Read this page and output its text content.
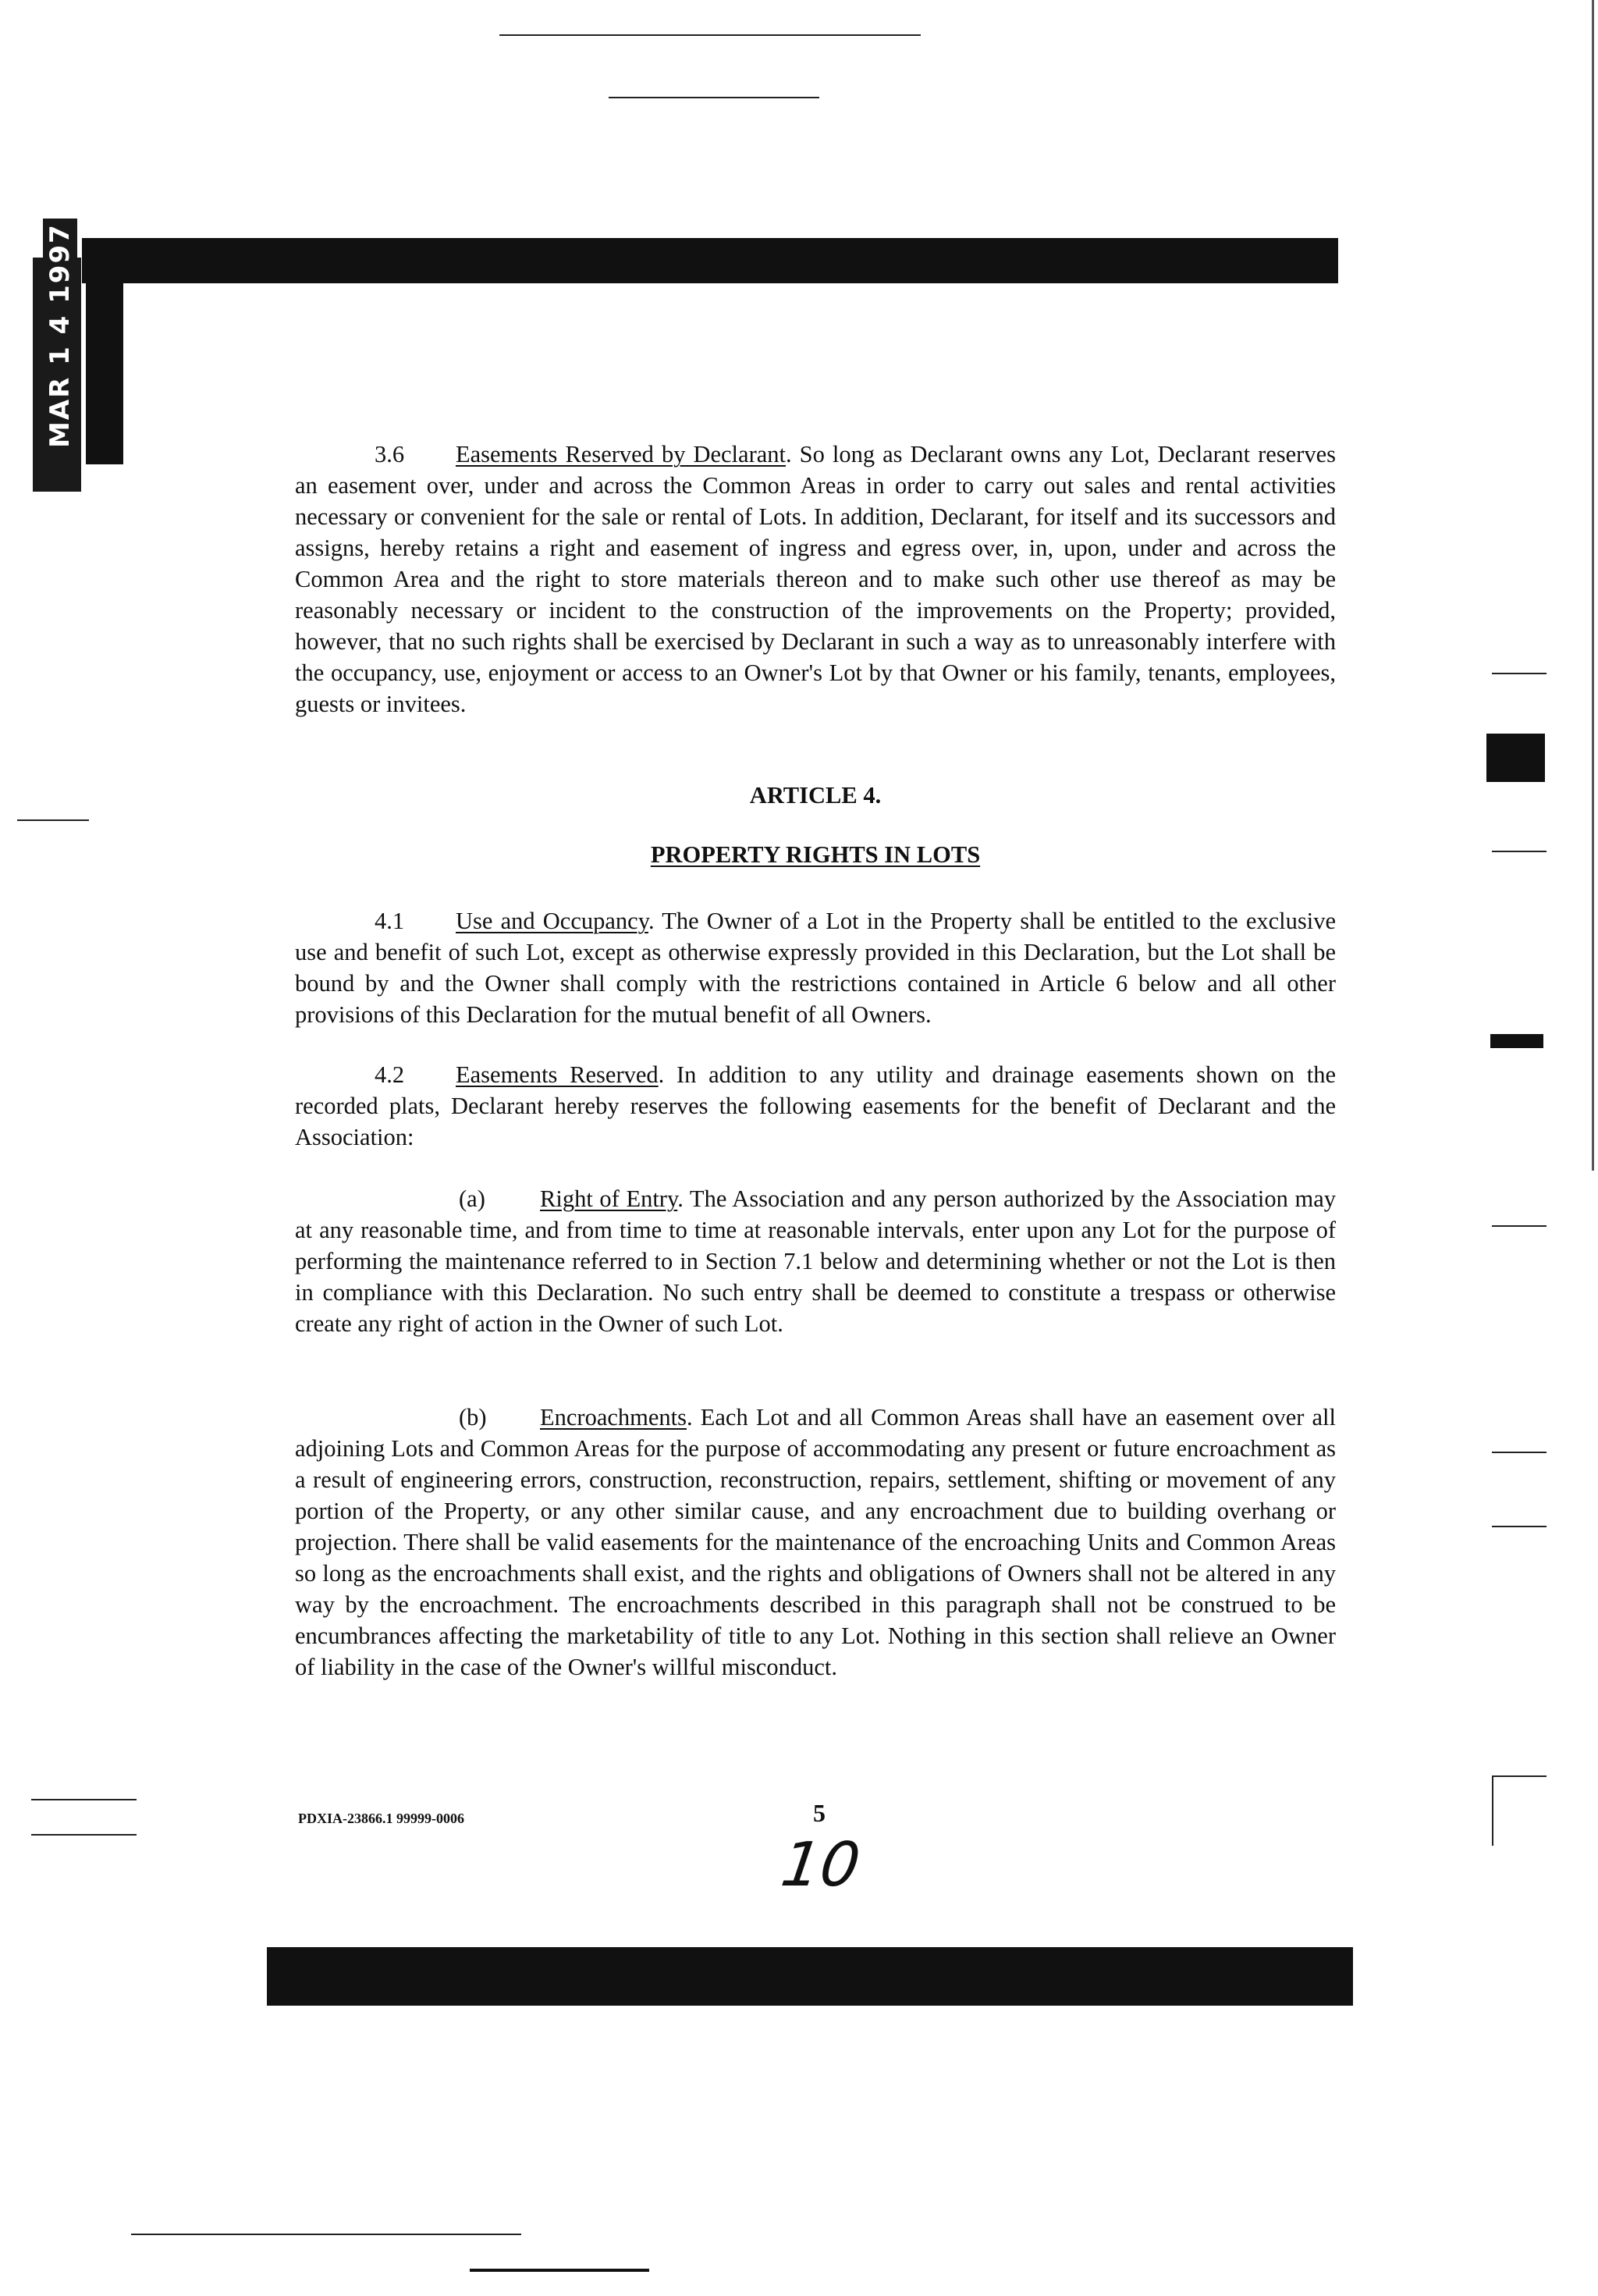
MAR 1 4 1997
3.6 Easements Reserved by Declarant. So long as Declarant owns any Lot, Declarant reserves an easement over, under and across the Common Areas in order to carry out sales and rental activities necessary or convenient for the sale or rental of Lots. In addition, Declarant, for itself and its successors and assigns, hereby retains a right and easement of ingress and egress over, in, upon, under and across the Common Area and the right to store materials thereon and to make such other use thereof as may be reasonably necessary or incident to the construction of the improvements on the Property; provided, however, that no such rights shall be exercised by Declarant in such a way as to unreasonably interfere with the occupancy, use, enjoyment or access to an Owner's Lot by that Owner or his family, tenants, employees, guests or invitees.
ARTICLE 4.
PROPERTY RIGHTS IN LOTS
4.1 Use and Occupancy. The Owner of a Lot in the Property shall be entitled to the exclusive use and benefit of such Lot, except as otherwise expressly provided in this Declaration, but the Lot shall be bound by and the Owner shall comply with the restrictions contained in Article 6 below and all other provisions of this Declaration for the mutual benefit of all Owners.
4.2 Easements Reserved. In addition to any utility and drainage easements shown on the recorded plats, Declarant hereby reserves the following easements for the benefit of Declarant and the Association:
(a) Right of Entry. The Association and any person authorized by the Association may at any reasonable time, and from time to time at reasonable intervals, enter upon any Lot for the purpose of performing the maintenance referred to in Section 7.1 below and determining whether or not the Lot is then in compliance with this Declaration. No such entry shall be deemed to constitute a trespass or otherwise create any right of action in the Owner of such Lot.
(b) Encroachments. Each Lot and all Common Areas shall have an easement over all adjoining Lots and Common Areas for the purpose of accommodating any present or future encroachment as a result of engineering errors, construction, reconstruction, repairs, settlement, shifting or movement of any portion of the Property, or any other similar cause, and any encroachment due to building overhang or projection. There shall be valid easements for the maintenance of the encroaching Units and Common Areas so long as the encroachments shall exist, and the rights and obligations of Owners shall not be altered in any way by the encroachment. The encroachments described in this paragraph shall not be construed to be encumbrances affecting the marketability of title to any Lot. Nothing in this section shall relieve an Owner of liability in the case of the Owner's willful misconduct.
PDXIA-23866.1 99999-0006	5
10
